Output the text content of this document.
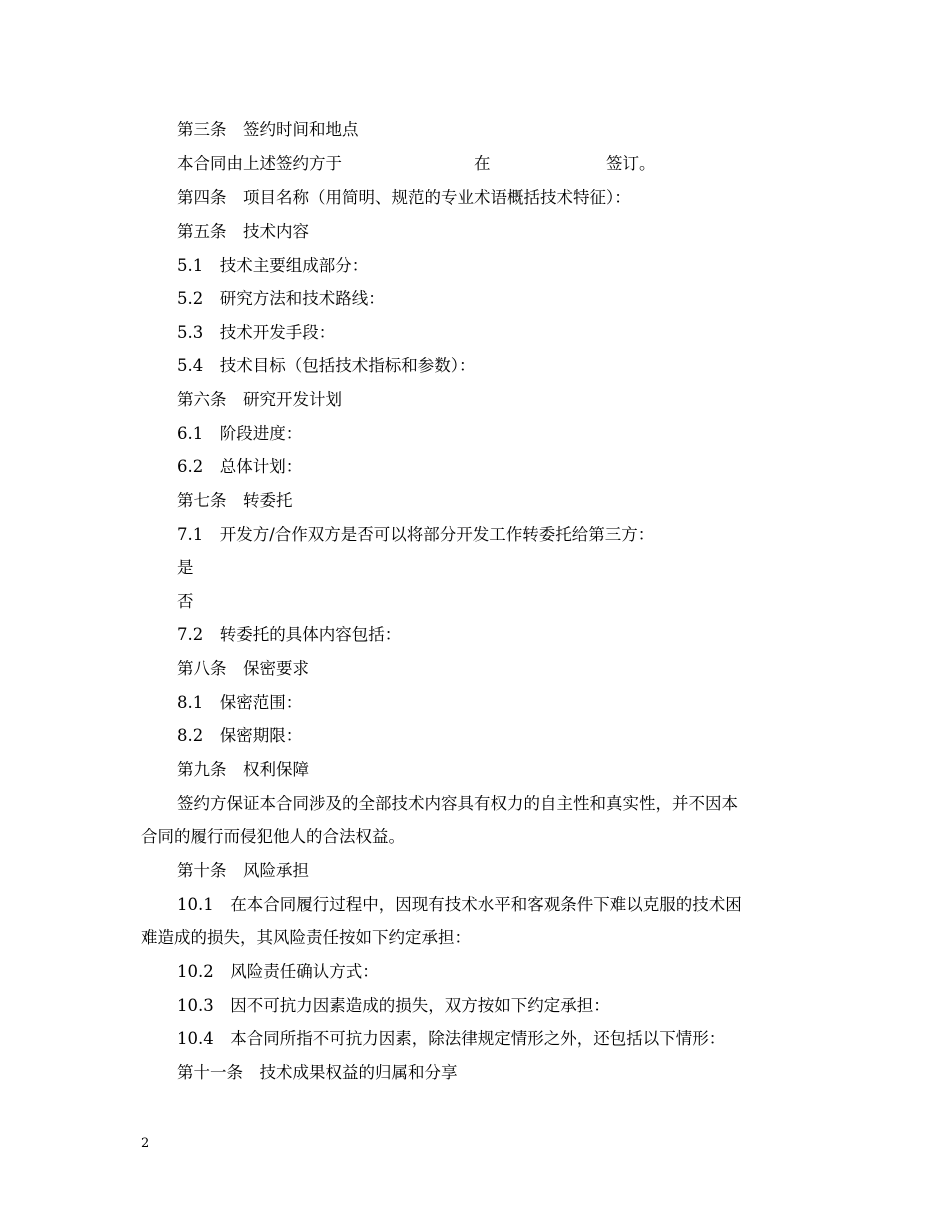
第三条　签约时间和地点
本合同由上述签约方于　　　　　　　　在　　　　　　　签订。
第四条　项目名称（用简明、规范的专业术语概括技术特征）：
第五条　技术内容
5.1　技术主要组成部分：
5.2　研究方法和技术路线：
5.3　技术开发手段：
5.4　技术目标（包括技术指标和参数）：
第六条　研究开发计划
6.1　阶段进度：
6.2　总体计划：
第七条　转委托
7.1　开发方/合作双方是否可以将部分开发工作转委托给第三方：
是
否
7.2　转委托的具体内容包括：
第八条　保密要求
8.1　保密范围：
8.2　保密期限：
第九条　权利保障
签约方保证本合同涉及的全部技术内容具有权力的自主性和真实性，并不因本
合同的履行而侵犯他人的合法权益。
第十条　风险承担
10.1　在本合同履行过程中，因现有技术水平和客观条件下难以克服的技术困
难造成的损失，其风险责任按如下约定承担：
10.2　风险责任确认方式：
10.3　因不可抗力因素造成的损失，双方按如下约定承担：
10.4　本合同所指不可抗力因素，除法律规定情形之外，还包括以下情形：
第十一条　技术成果权益的归属和分享
2
